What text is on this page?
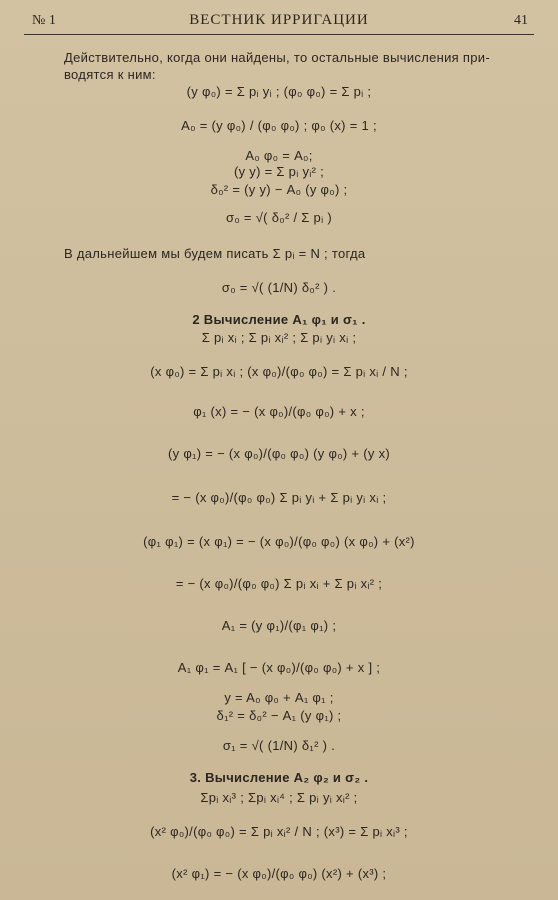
№ 1	ВЕСТНИК ИРРИГАЦИИ	41
Действительно, когда они найдены, то остальные вычисления при-
водятся к ним:
(y φ₀) = Σ pᵢ yᵢ ; (φ₀ φ₀) = Σ pᵢ ;
A₀ = (y φ₀) / (φ₀ φ₀) ; φ₀ (x) = 1 ;
A₀ φ₀ = A₀;
(y y) = Σ pᵢ yᵢ² ;
δ₀² = (y y) − A₀ (y φ₀) ;
σ₀ = √( δ₀² / Σ pᵢ )
В дальнейшем мы будем писать Σ pᵢ = N ; тогда
σ₀ = √( (1/N) δ₀² ) .
2 Вычисление A₁ φ₁ и σ₁ .
Σ pᵢ xᵢ ; Σ pᵢ xᵢ² ; Σ pᵢ yᵢ xᵢ ;
(x φ₀) = Σ pᵢ xᵢ ; (x φ₀)/(φ₀ φ₀) = Σ pᵢ xᵢ / N ;
φ₁ (x) = − (x φ₀)/(φ₀ φ₀) + x ;
(y φ₁) = − (x φ₀)/(φ₀ φ₀) (y φ₀) + (y x)
= − (x φ₀)/(φ₀ φ₀) Σ pᵢ yᵢ + Σ pᵢ yᵢ xᵢ ;
(φ₁ φ₁) = (x φ₁) = − (x φ₀)/(φ₀ φ₀) (x φ₀) + (x²)
= − (x φ₀)/(φ₀ φ₀) Σ pᵢ xᵢ + Σ pᵢ xᵢ² ;
A₁ = (y φ₁)/(φ₁ φ₁) ;
A₁ φ₁ = A₁ [ − (x φ₀)/(φ₀ φ₀) + x ] ;
y = A₀ φ₀ + A₁ φ₁ ;
δ₁² = δ₀² − A₁ (y φ₁) ;
σ₁ = √( (1/N) δ₁² ) .
3. Вычисление A₂ φ₂ и σ₂ .
Σpᵢ xᵢ³ ; Σpᵢ xᵢ⁴ ; Σ pᵢ yᵢ xᵢ² ;
(x² φ₀)/(φ₀ φ₀) = Σ pᵢ xᵢ² / N ; (x³) = Σ pᵢ xᵢ³ ;
(x² φ₁) = − (x φ₀)/(φ₀ φ₀) (x²) + (x³) ;
